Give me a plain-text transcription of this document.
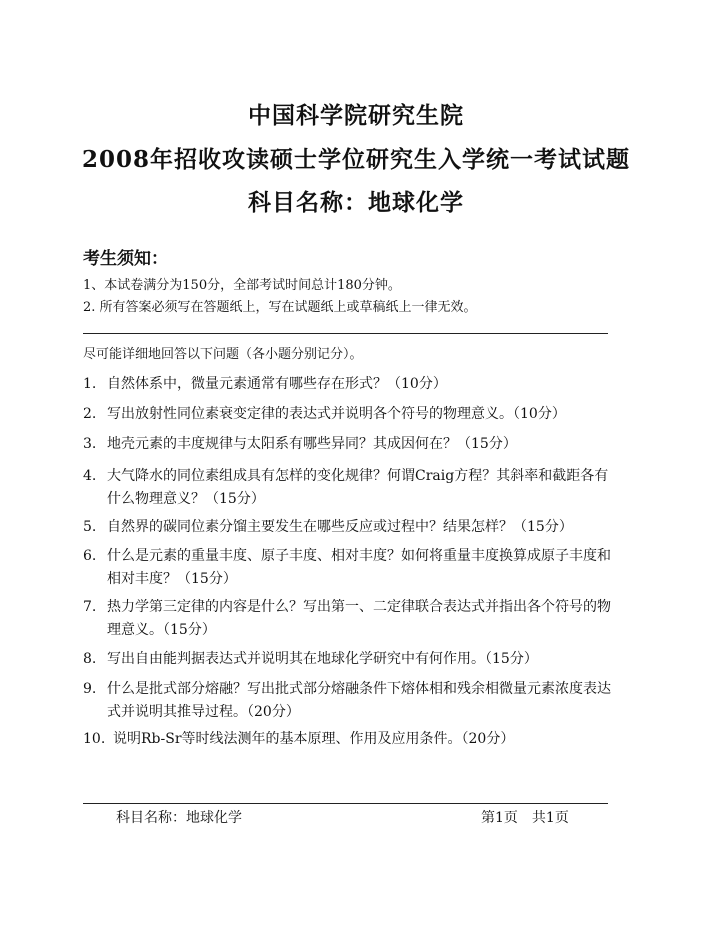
中国科学院研究生院
2008年招收攻读硕士学位研究生入学统一考试试题
科目名称：地球化学
考生须知：
1、本试卷满分为150分，全部考试时间总计180分钟。
2. 所有答案必须写在答题纸上，写在试题纸上或草稿纸上一律无效。
尽可能详细地回答以下问题（各小题分别记分）。
1. 自然体系中，微量元素通常有哪些存在形式？（10分）
2. 写出放射性同位素衰变定律的表达式并说明各个符号的物理意义。（10分）
3. 地壳元素的丰度规律与太阳系有哪些异同？其成因何在？（15分）
4. 大气降水的同位素组成具有怎样的变化规律？何谓Craig方程？其斜率和截距各有什么物理意义？（15分）
5. 自然界的碳同位素分馏主要发生在哪些反应或过程中？结果怎样？（15分）
6. 什么是元素的重量丰度、原子丰度、相对丰度？如何将重量丰度换算成原子丰度和相对丰度？（15分）
7. 热力学第三定律的内容是什么？写出第一、二定律联合表达式并指出各个符号的物理意义。（15分）
8. 写出自由能判据表达式并说明其在地球化学研究中有何作用。（15分）
9. 什么是批式部分熔融？写出批式部分熔融条件下熔体相和残余相微量元素浓度表达式并说明其推导过程。（20分）
10. 说明Rb-Sr等时线法测年的基本原理、作用及应用条件。（20分）
科目名称：地球化学	第1页　共1页
